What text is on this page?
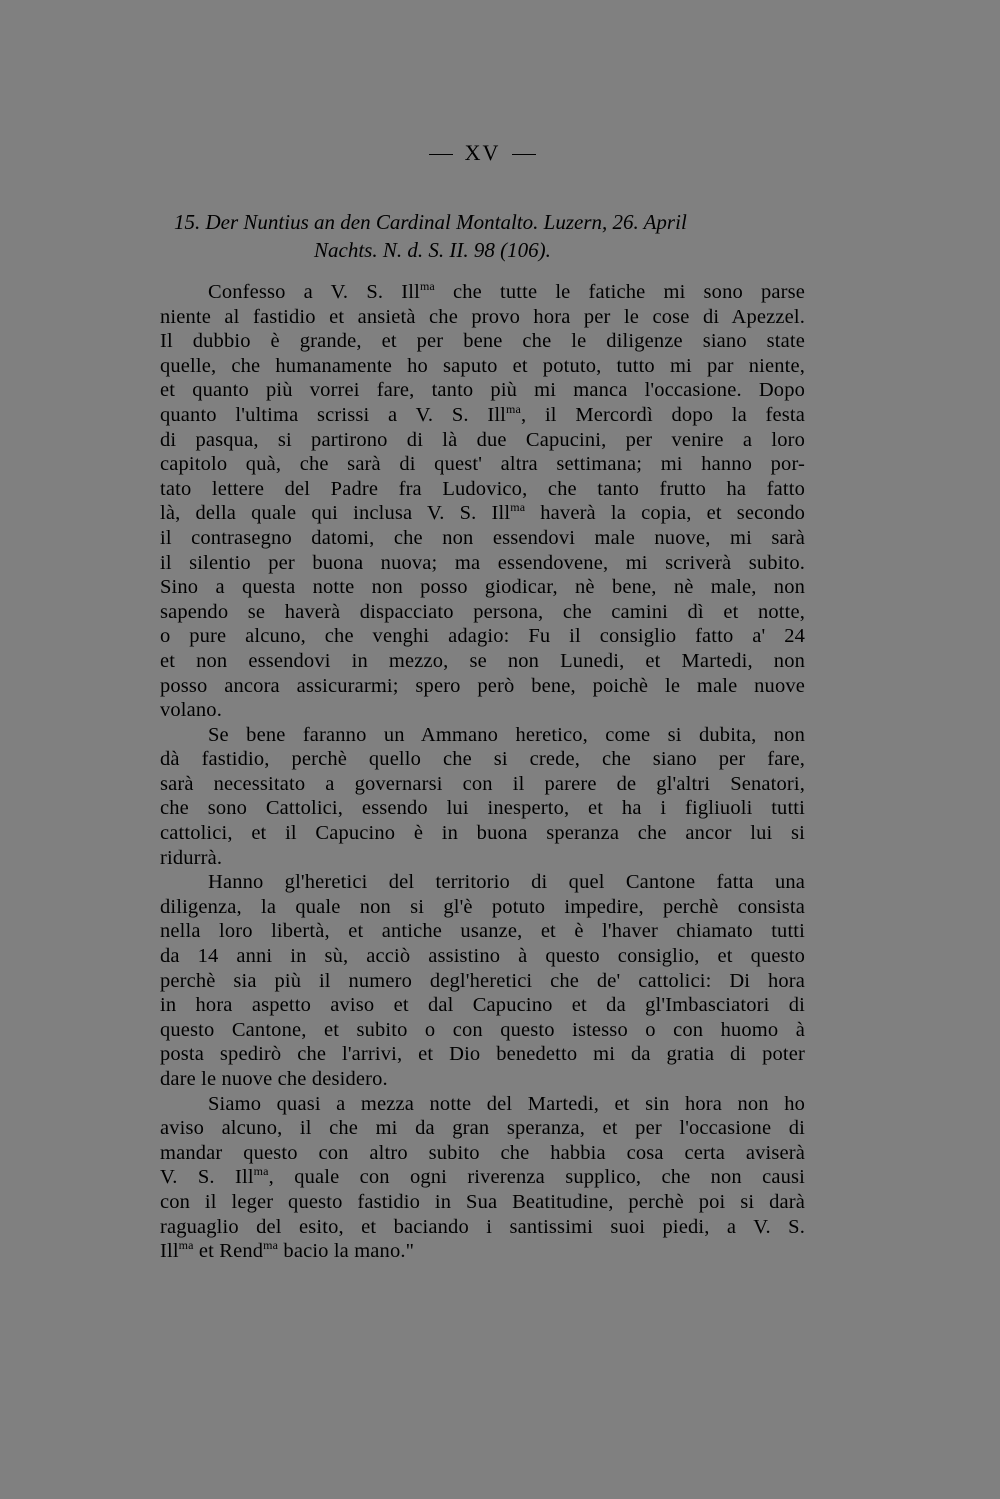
XV
15. Der Nuntius an den Cardinal Montalto. Luzern, 26. April
Nachts. N. d. S. II. 98 (106).
Confesso a V. S. Ill$^{ma}$ che tutte le fatiche mi sono parse
niente al fastidio et ansietà che provo hora per le cose di Apezzel.
Il dubbio è grande, et per bene che le diligenze siano state
quelle, che humanamente ho saputo et potuto, tutto mi par niente,
et quanto più vorrei fare, tanto più mi manca l'occasione. Dopo
quanto l'ultima scrissi a V. S. Ill$^{ma}$, il Mercordì dopo la festa
di pasqua, si partirono di là due Capucini, per venire a loro
capitolo quà, che sarà di quest' altra settimana; mi hanno por-
tato lettere del Padre fra Ludovico, che tanto frutto ha fatto
là, della quale qui inclusa V. S. Ill$^{ma}$ haverà la copia, et secondo
il contrasegno datomi, che non essendovi male nuove, mi sarà
il silentio per buona nuova; ma essendovene, mi scriverà subito.
Sino a questa notte non posso giodicar, nè bene, nè male, non
sapendo se haverà dispacciato persona, che camini dì et notte,
o pure alcuno, che venghi adagio: Fu il consiglio fatto a' 24
et non essendovi in mezzo, se non Lunedi, et Martedi, non
posso ancora assicurarmi; spero però bene, poichè le male nuove
volano.
Se bene faranno un Ammano heretico, come si dubita, non
dà fastidio, perchè quello che si crede, che siano per fare,
sarà necessitato a governarsi con il parere de gl'altri Senatori,
che sono Cattolici, essendo lui inesperto, et ha i figliuoli tutti
cattolici, et il Capucino è in buona speranza che ancor lui si
ridurrà.
Hanno gl'heretici del territorio di quel Cantone fatta una
diligenza, la quale non si gl'è potuto impedire, perchè consista
nella loro libertà, et antiche usanze, et è l'haver chiamato tutti
da 14 anni in sù, acciò assistino à questo consiglio, et questo
perchè sia più il numero degl'heretici che de' cattolici: Di hora
in hora aspetto aviso et dal Capucino et da gl'Imbasciatori di
questo Cantone, et subito o con questo istesso o con huomo à
posta spedirò che l'arrivi, et Dio benedetto mi da gratia di poter
dare le nuove che desidero.
Siamo quasi a mezza notte del Martedi, et sin hora non ho
aviso alcuno, il che mi da gran speranza, et per l'occasione di
mandar questo con altro subito che habbia cosa certa aviserà
V. S. Ill$^{ma}$, quale con ogni riverenza supplico, che non causi
con il leger questo fastidio in Sua Beatitudine, perchè poi si darà
raguaglio del esito, et baciando i santissimi suoi piedi, a V. S.
Ill$^{ma}$ et Rend$^{ma}$ bacio la mano."
